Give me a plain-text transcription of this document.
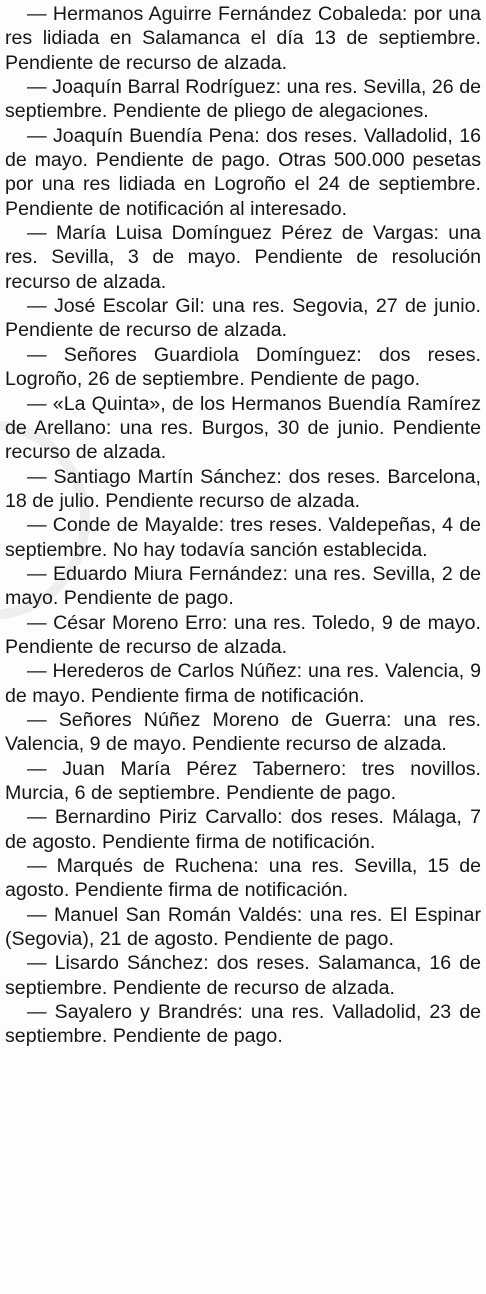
— Hermanos Aguirre Fernández Cobaleda: por una res lidiada en Salamanca el día 13 de septiembre. Pendiente de recurso de alzada.

— Joaquín Barral Rodríguez: una res. Sevilla, 26 de septiembre. Pendiente de pliego de alegaciones.

— Joaquín Buendía Pena: dos reses. Valladolid, 16 de mayo. Pendiente de pago. Otras 500.000 pesetas por una res lidiada en Logroño el 24 de septiembre. Pendiente de notificación al interesado.

— María Luisa Domínguez Pérez de Vargas: una res. Sevilla, 3 de mayo. Pendiente de resolución recurso de alzada.

— José Escolar Gil: una res. Segovia, 27 de junio. Pendiente de recurso de alzada.

— Señores Guardiola Domínguez: dos reses. Logroño, 26 de septiembre. Pendiente de pago.

— «La Quinta», de los Hermanos Buendía Ramírez de Arellano: una res. Burgos, 30 de junio. Pendiente recurso de alzada.

— Santiago Martín Sánchez: dos reses. Barcelona, 18 de julio. Pendiente recurso de alzada.

— Conde de Mayalde: tres reses. Valdepeñas, 4 de septiembre. No hay todavía sanción establecida.

— Eduardo Miura Fernández: una res. Sevilla, 2 de mayo. Pendiente de pago.

— César Moreno Erro: una res. Toledo, 9 de mayo. Pendiente de recurso de alzada.

— Herederos de Carlos Núñez: una res. Valencia, 9 de mayo. Pendiente firma de notificación.

— Señores Núñez Moreno de Guerra: una res. Valencia, 9 de mayo. Pendiente recurso de alzada.

— Juan María Pérez Tabernero: tres novillos. Murcia, 6 de septiembre. Pendiente de pago.

— Bernardino Piriz Carvallo: dos reses. Málaga, 7 de agosto. Pendiente firma de notificación.

— Marqués de Ruchena: una res. Sevilla, 15 de agosto. Pendiente firma de notificación.

— Manuel San Román Valdés: una res. El Espinar (Segovia), 21 de agosto. Pendiente de pago.

— Lisardo Sánchez: dos reses. Salamanca, 16 de septiembre. Pendiente de recurso de alzada.

— Sayalero y Brandrés: una res. Valladolid, 23 de septiembre. Pendiente de pago.
